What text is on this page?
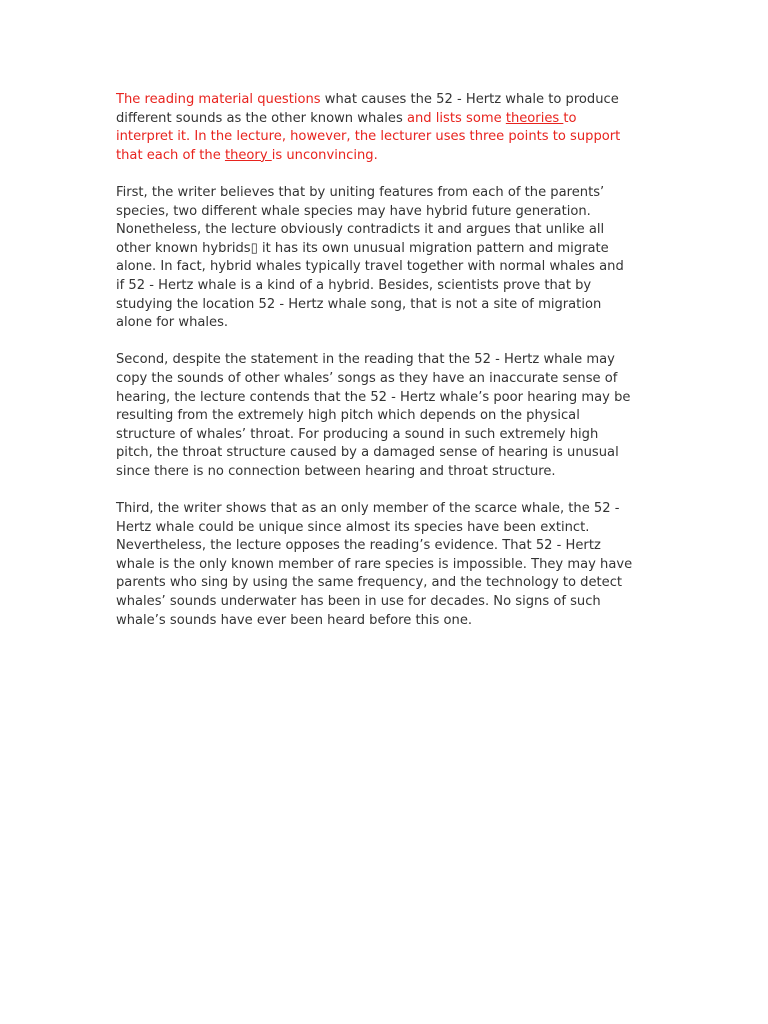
The reading material questions what causes the 52 - Hertz whale to produce
different sounds as the other known whales and lists some theories to
interpret it. In the lecture, however, the lecturer uses three points to support
that each of the theory is unconvincing.

First, the writer believes that by uniting features from each of the parents’
species, two different whale species may have hybrid future generation.
Nonetheless, the lecture obviously contradicts it and argues that unlike all
other known hybrids▯ it has its own unusual migration pattern and migrate
alone. In fact, hybrid whales typically travel together with normal whales and
if 52 - Hertz whale is a kind of a hybrid. Besides, scientists prove that by
studying the location 52 - Hertz whale song, that is not a site of migration
alone for whales.

Second, despite the statement in the reading that the 52 - Hertz whale may
copy the sounds of other whales’ songs as they have an inaccurate sense of
hearing, the lecture contends that the 52 - Hertz whale’s poor hearing may be
resulting from the extremely high pitch which depends on the physical
structure of whales’ throat. For producing a sound in such extremely high
pitch, the throat structure caused by a damaged sense of hearing is unusual
since there is no connection between hearing and throat structure.

Third, the writer shows that as an only member of the scarce whale, the 52 -
Hertz whale could be unique since almost its species have been extinct.
Nevertheless, the lecture opposes the reading’s evidence. That 52 - Hertz
whale is the only known member of rare species is impossible. They may have
parents who sing by using the same frequency, and the technology to detect
whales’ sounds underwater has been in use for decades. No signs of such
whale’s sounds have ever been heard before this one.
